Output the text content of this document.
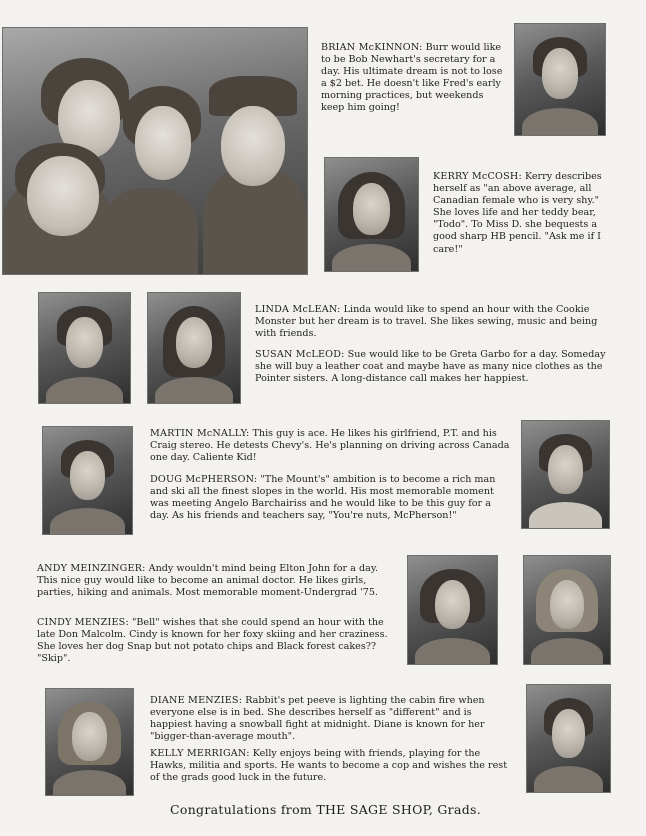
BRIAN McKINNON: Burr would like to be Bob Newhart's secretary for a day. His ultimate dream is not to lose a $2 bet. He doesn't like Fred's early morning practices, but weekends keep him going!

KERRY McCOSH: Kerry describes herself as "an above average, all Canadian female who is very shy." She loves life and her teddy bear, "Todo". To Miss D. she bequests a good sharp HB pencil. "Ask me if I care!"

LINDA McLEAN: Linda would like to spend an hour with the Cookie Monster but her dream is to travel. She likes sewing, music and being with friends.

SUSAN McLEOD: Sue would like to be Greta Garbo for a day. Someday she will buy a leather coat and maybe have as many nice clothes as the Pointer sisters. A long-distance call makes her happiest.

MARTIN McNALLY: This guy is ace. He likes his girlfriend, P.T. and his Craig stereo. He detests Chevy's. He's planning on driving across Canada one day. Caliente Kid!

DOUG McPHERSON: "The Mount's" ambition is to become a rich man and ski all the finest slopes in the world. His most memorable moment was meeting Angelo Barchairiss and he would like to be this guy for a day. As his friends and teachers say, "You're nuts, McPherson!"

ANDY MEINZINGER: Andy wouldn't mind being Elton John for a day. This nice guy would like to become an animal doctor. He likes girls, parties, hiking and animals. Most memorable moment-Undergrad '75.

CINDY MENZIES: "Bell" wishes that she could spend an hour with the late Don Malcolm. Cindy is known for her foxy skiing and her craziness. She loves her dog Snap but not potato chips and Black forest cakes?? "Skip".

DIANE MENZIES: Rabbit's pet peeve is lighting the cabin fire when everyone else is in bed. She describes herself as "different" and is happiest having a snowball fight at midnight. Diane is known for her "bigger-than-average mouth".

KELLY MERRIGAN: Kelly enjoys being with friends, playing for the Hawks, militia and sports. He wants to become a cop and wishes the rest of the grads good luck in the future.

Congratulations from THE SAGE SHOP, Grads.
